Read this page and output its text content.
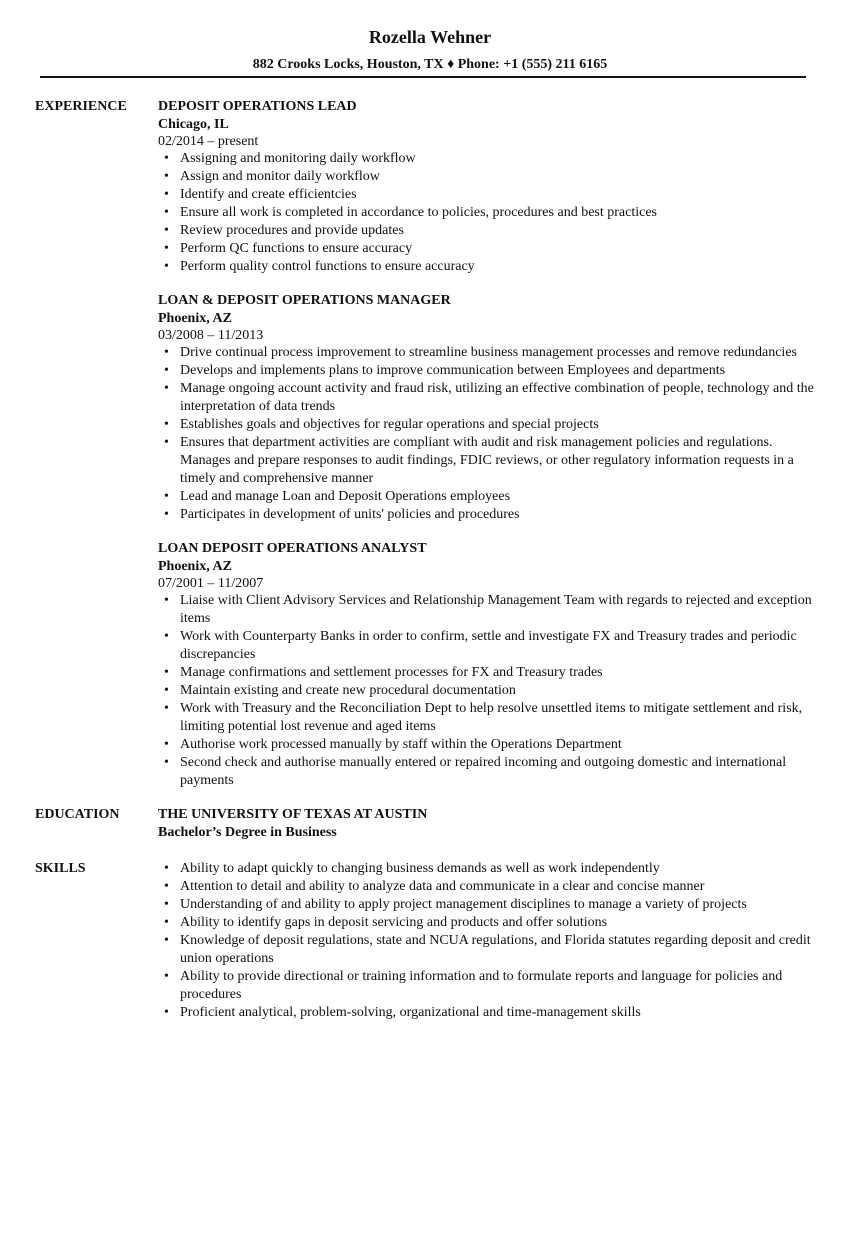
Rozella Wehner
882 Crooks Locks, Houston, TX ♦ Phone: +1 (555) 211 6165
EXPERIENCE DEPOSIT OPERATIONS LEAD
Chicago, IL
02/2014 – present
• Assigning and monitoring daily workflow
• Assign and monitor daily workflow
• Identify and create efficientcies
• Ensure all work is completed in accordance to policies, procedures and best practices
• Review procedures and provide updates
• Perform QC functions to ensure accuracy
• Perform quality control functions to ensure accuracy
LOAN & DEPOSIT OPERATIONS MANAGER
Phoenix, AZ
03/2008 – 11/2013
• Drive continual process improvement to streamline business management processes and remove redundancies
• Develops and implements plans to improve communication between Employees and departments
• Manage ongoing account activity and fraud risk, utilizing an effective combination of people, technology and the interpretation of data trends
• Establishes goals and objectives for regular operations and special projects
• Ensures that department activities are compliant with audit and risk management policies and regulations. Manages and prepare responses to audit findings, FDIC reviews, or other regulatory information requests in a timely and comprehensive manner
• Lead and manage Loan and Deposit Operations employees
• Participates in development of units' policies and procedures
LOAN DEPOSIT OPERATIONS ANALYST
Phoenix, AZ
07/2001 – 11/2007
• Liaise with Client Advisory Services and Relationship Management Team with regards to rejected and exception items
• Work with Counterparty Banks in order to confirm, settle and investigate FX and Treasury trades and periodic discrepancies
• Manage confirmations and settlement processes for FX and Treasury trades
• Maintain existing and create new procedural documentation
• Work with Treasury and the Reconciliation Dept to help resolve unsettled items to mitigate settlement and risk, limiting potential lost revenue and aged items
• Authorise work processed manually by staff within the Operations Department
• Second check and authorise manually entered or repaired incoming and outgoing domestic and international payments
EDUCATION	THE UNIVERSITY OF TEXAS AT AUSTIN
Bachelor’s Degree in Business
SKILLS
•	Ability to adapt quickly to changing business demands as well as work independently
• Attention to detail and ability to analyze data and communicate in a clear and concise manner
• Understanding of and ability to apply project management disciplines to manage a variety of projects
• Ability to identify gaps in deposit servicing and products and offer solutions
• Knowledge of deposit regulations, state and NCUA regulations, and Florida statutes regarding deposit and credit union operations
• Ability to provide directional or training information and to formulate reports and language for policies and procedures
• Proficient analytical, problem-solving, organizational and time-management skills
